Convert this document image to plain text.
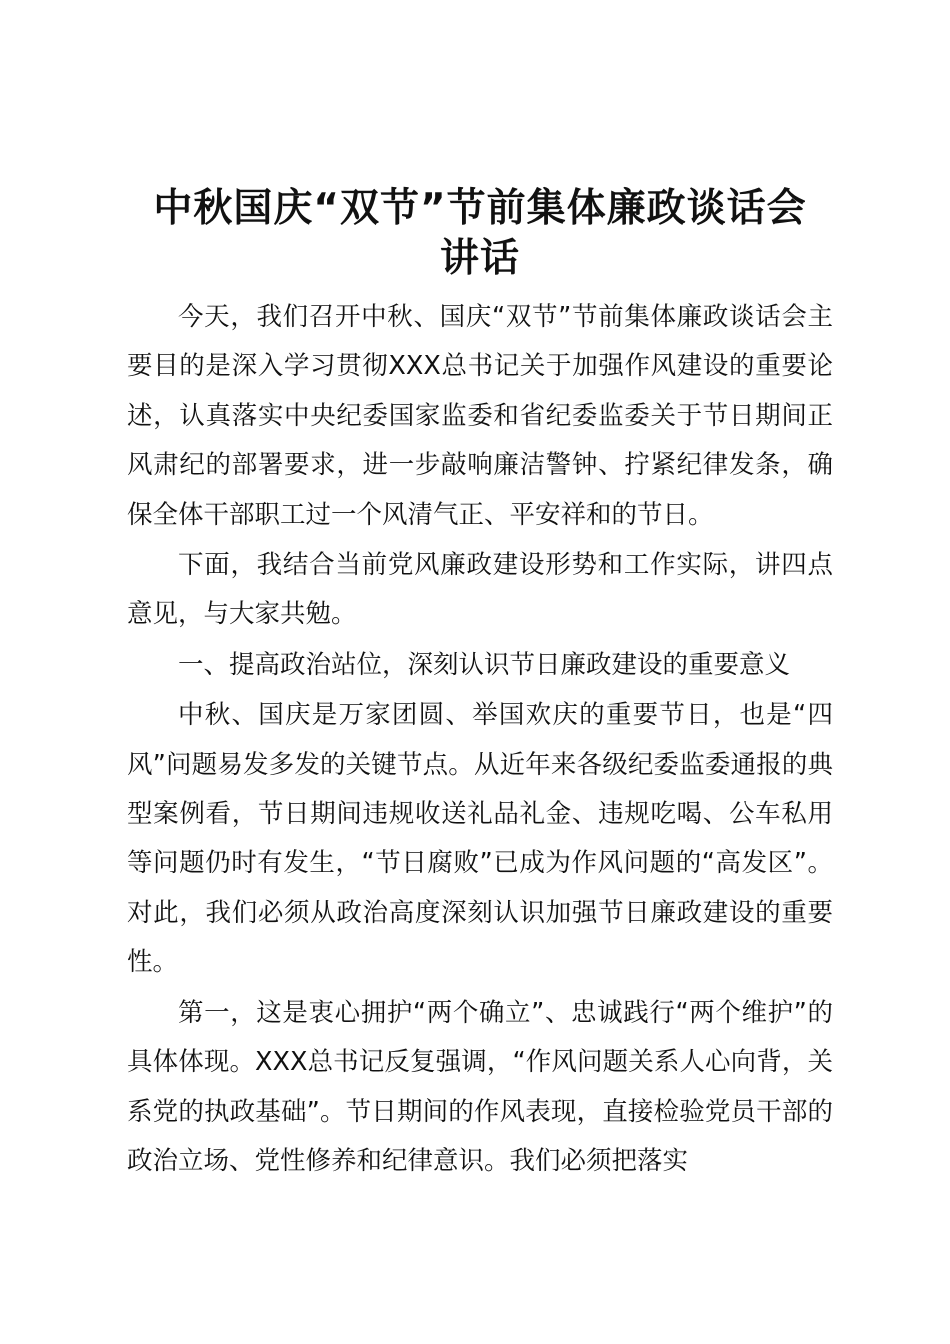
中秋国庆“双节”节前集体廉政谈话会
讲话

今天，我们召开中秋、国庆“双节”节前集体廉政谈话会主要目的是深入学习贯彻XXX总书记关于加强作风建设的重要论述，认真落实中央纪委国家监委和省纪委监委关于节日期间正风肃纪的部署要求，进一步敲响廉洁警钟、拧紧纪律发条，确保全体干部职工过一个风清气正、平安祥和的节日。

下面，我结合当前党风廉政建设形势和工作实际，讲四点意见，与大家共勉。

一、提高政治站位，深刻认识节日廉政建设的重要意义

中秋、国庆是万家团圆、举国欢庆的重要节日，也是“四风”问题易发多发的关键节点。从近年来各级纪委监委通报的典型案例看，节日期间违规收送礼品礼金、违规吃喝、公车私用等问题仍时有发生，“节日腐败”已成为作风问题的“高发区”。对此，我们必须从政治高度深刻认识加强节日廉政建设的重要性。

第一，这是衷心拥护“两个确立”、忠诚践行“两个维护”的具体体现。XXX总书记反复强调，“作风问题关系人心向背，关系党的执政基础”。节日期间的作风表现，直接检验党员干部的政治立场、党性修养和纪律意识。我们必须把落实
